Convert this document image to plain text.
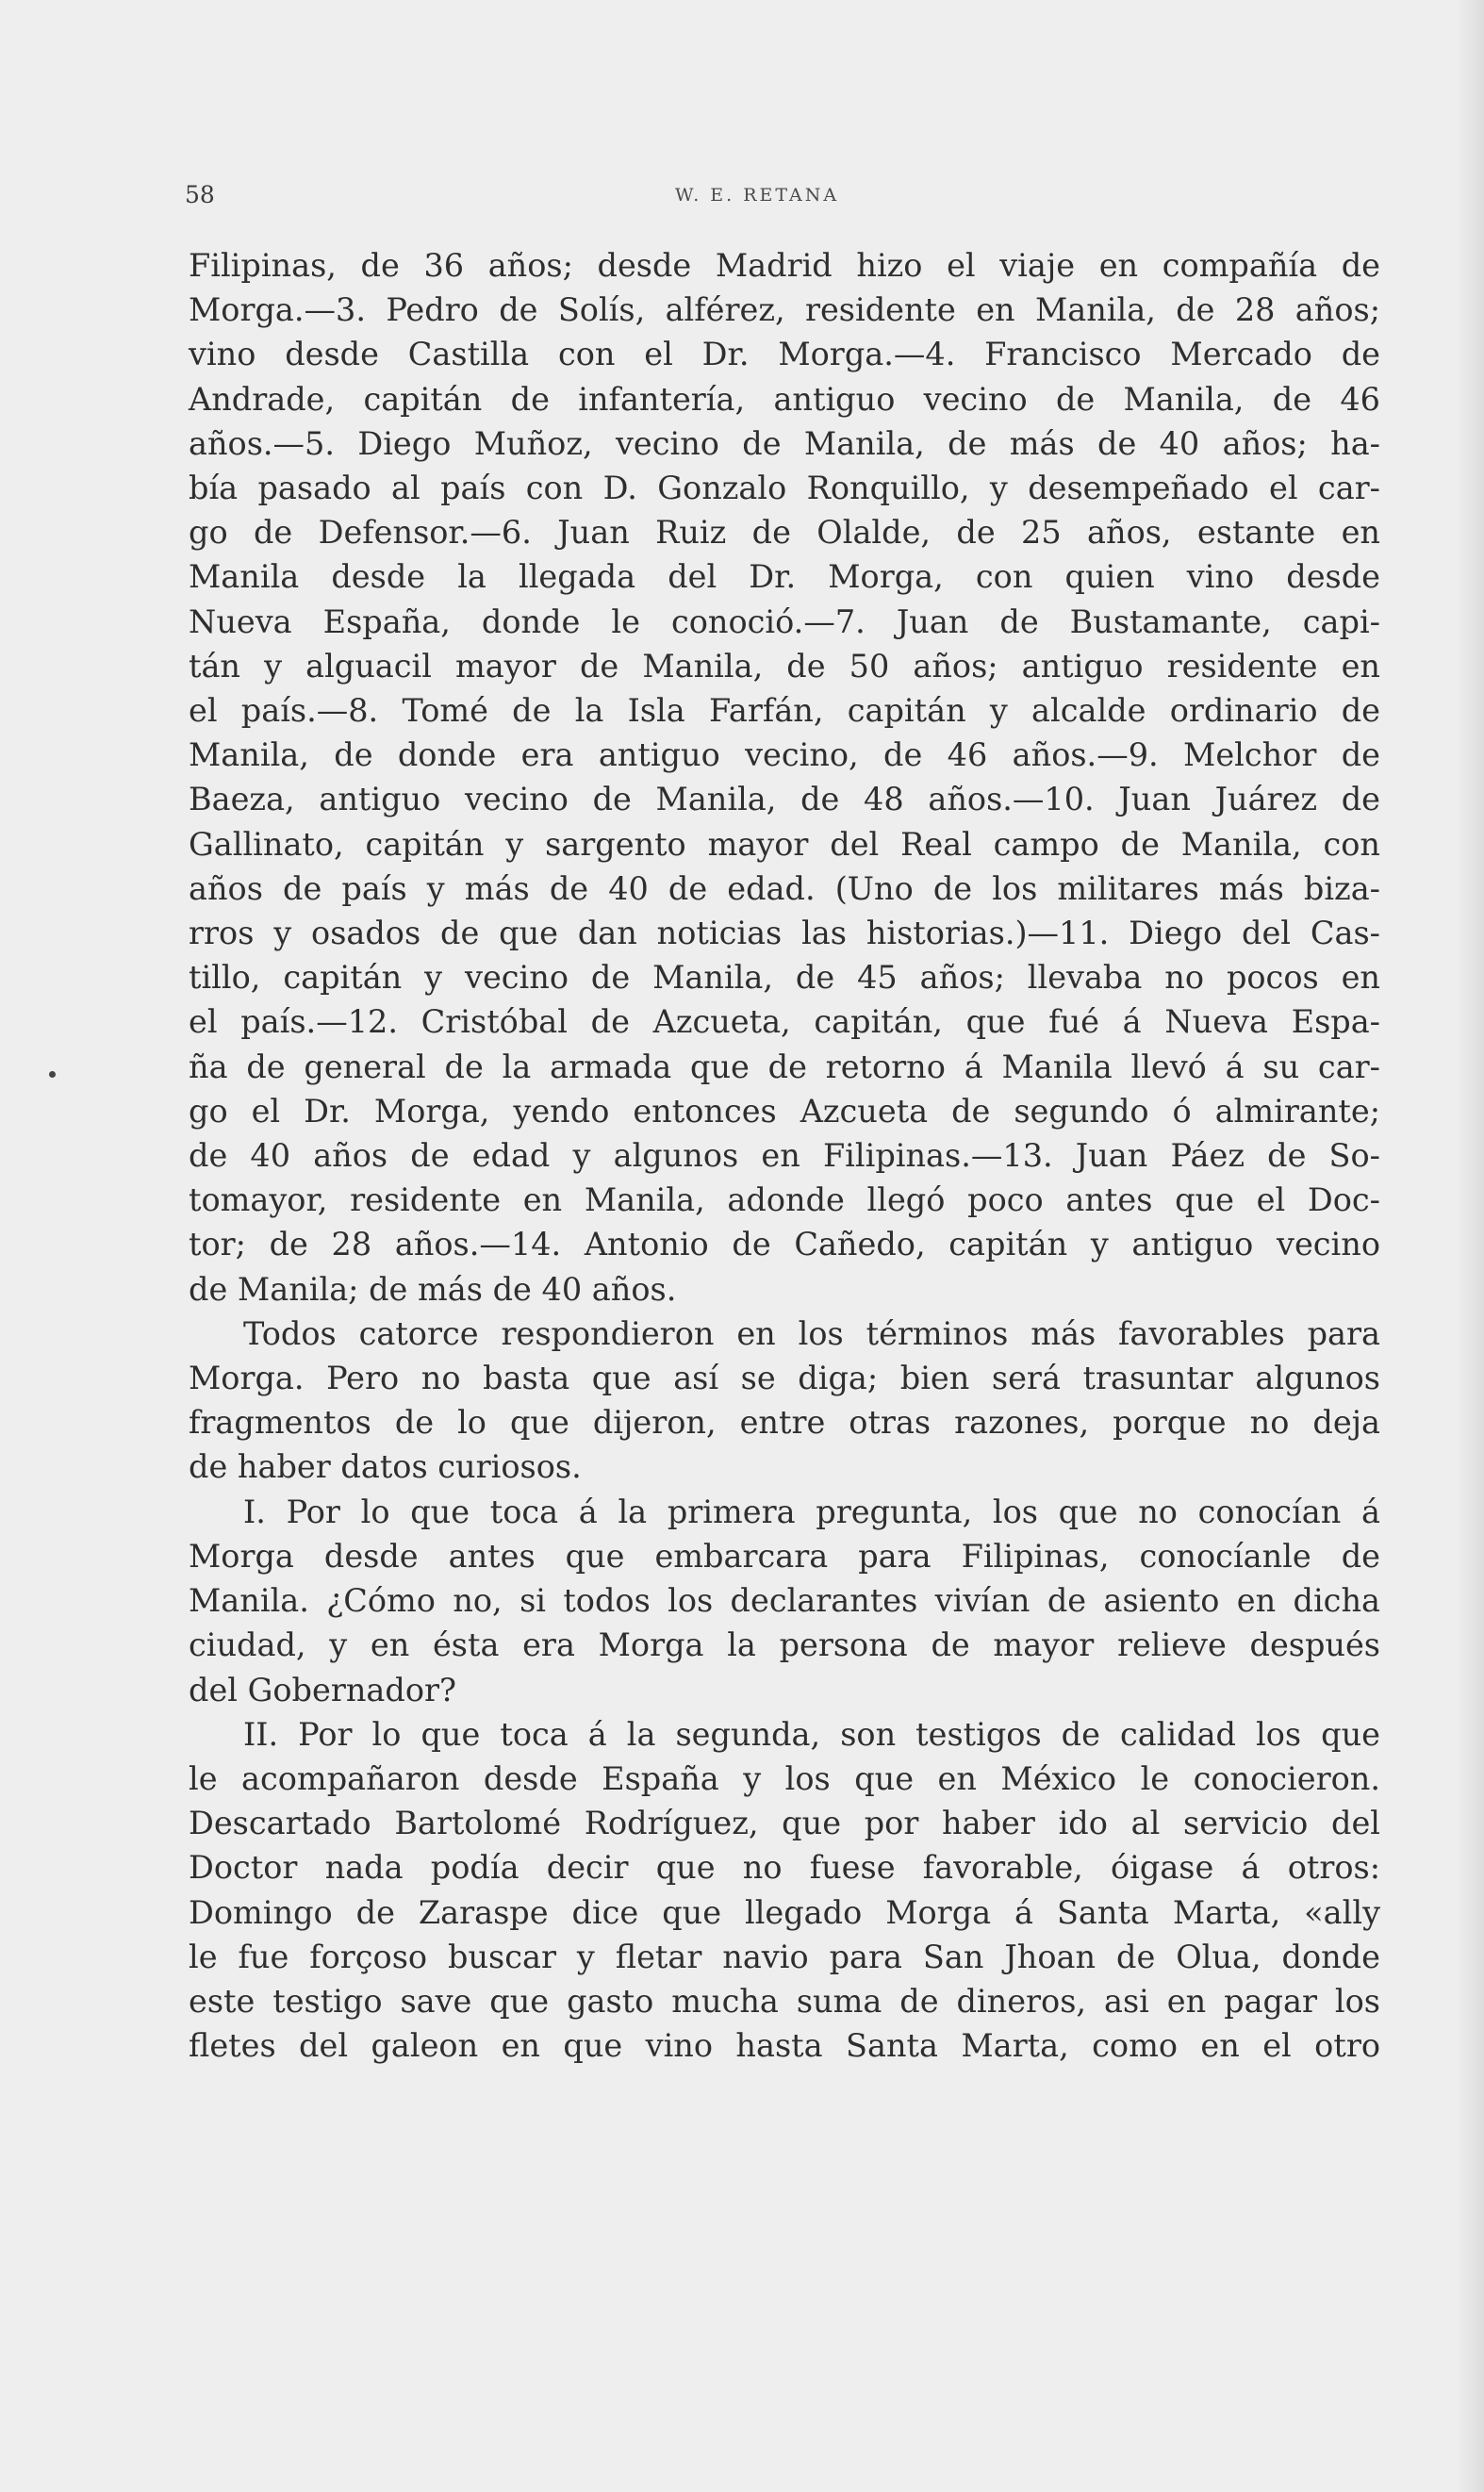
58	W. E. RETANA

Filipinas, de 36 años; desde Madrid hizo el viaje en compañía de

Morga.—3. Pedro de Solís, alférez, residente en Manila, de 28 años;

vino desde Castilla con el Dr. Morga.—4. Francisco Mercado de

Andrade, capitán de infantería, antiguo vecino de Manila, de 46

años.—5. Diego Muñoz, vecino de Manila, de más de 40 años; ha-

bía pasado al país con D. Gonzalo Ronquillo, y desempeñado el car-

go de Defensor.—6. Juan Ruiz de Olalde, de 25 años, estante en

Manila desde la llegada del Dr. Morga, con quien vino desde

Nueva España, donde le conoció.—7. Juan de Bustamante, capi-

tán y alguacil mayor de Manila, de 50 años; antiguo residente en

el país.—8. Tomé de la Isla Farfán, capitán y alcalde ordinario de

Manila, de donde era antiguo vecino, de 46 años.—9. Melchor de

Baeza, antiguo vecino de Manila, de 48 años.—10. Juan Juárez de

Gallinato, capitán y sargento mayor del Real campo de Manila, con

años de país y más de 40 de edad. (Uno de los militares más biza-

rros y osados de que dan noticias las historias.)—11. Diego del Cas-

tillo, capitán y vecino de Manila, de 45 años; llevaba no pocos en

el país.—12. Cristóbal de Azcueta, capitán, que fué á Nueva Espa-

ña de general de la armada que de retorno á Manila llevó á su car-

go el Dr. Morga, yendo entonces Azcueta de segundo ó almirante;

de 40 años de edad y algunos en Filipinas.—13. Juan Páez de So-

tomayor, residente en Manila, adonde llegó poco antes que el Doc-

tor; de 28 años.—14. Antonio de Cañedo, capitán y antiguo vecino

de Manila; de más de 40 años.

Todos catorce respondieron en los términos más favorables para

Morga. Pero no basta que así se diga; bien será trasuntar algunos

fragmentos de lo que dijeron, entre otras razones, porque no deja

de haber datos curiosos.

I. Por lo que toca á la primera pregunta, los que no conocían á

Morga desde antes que embarcara para Filipinas, conocíanle de

Manila. ¿Cómo no, si todos los declarantes vivían de asiento en dicha

ciudad, y en ésta era Morga la persona de mayor relieve después

del Gobernador?

II. Por lo que toca á la segunda, son testigos de calidad los que

le acompañaron desde España y los que en México le conocieron.

Descartado Bartolomé Rodríguez, que por haber ido al servicio del

Doctor nada podía decir que no fuese favorable, óigase á otros:

Domingo de Zaraspe dice que llegado Morga á Santa Marta, «ally

le fue forçoso buscar y fletar navio para San Jhoan de Olua, donde

este testigo save que gasto mucha suma de dineros, asi en pagar los

fletes del galeon en que vino hasta Santa Marta, como en el otro
